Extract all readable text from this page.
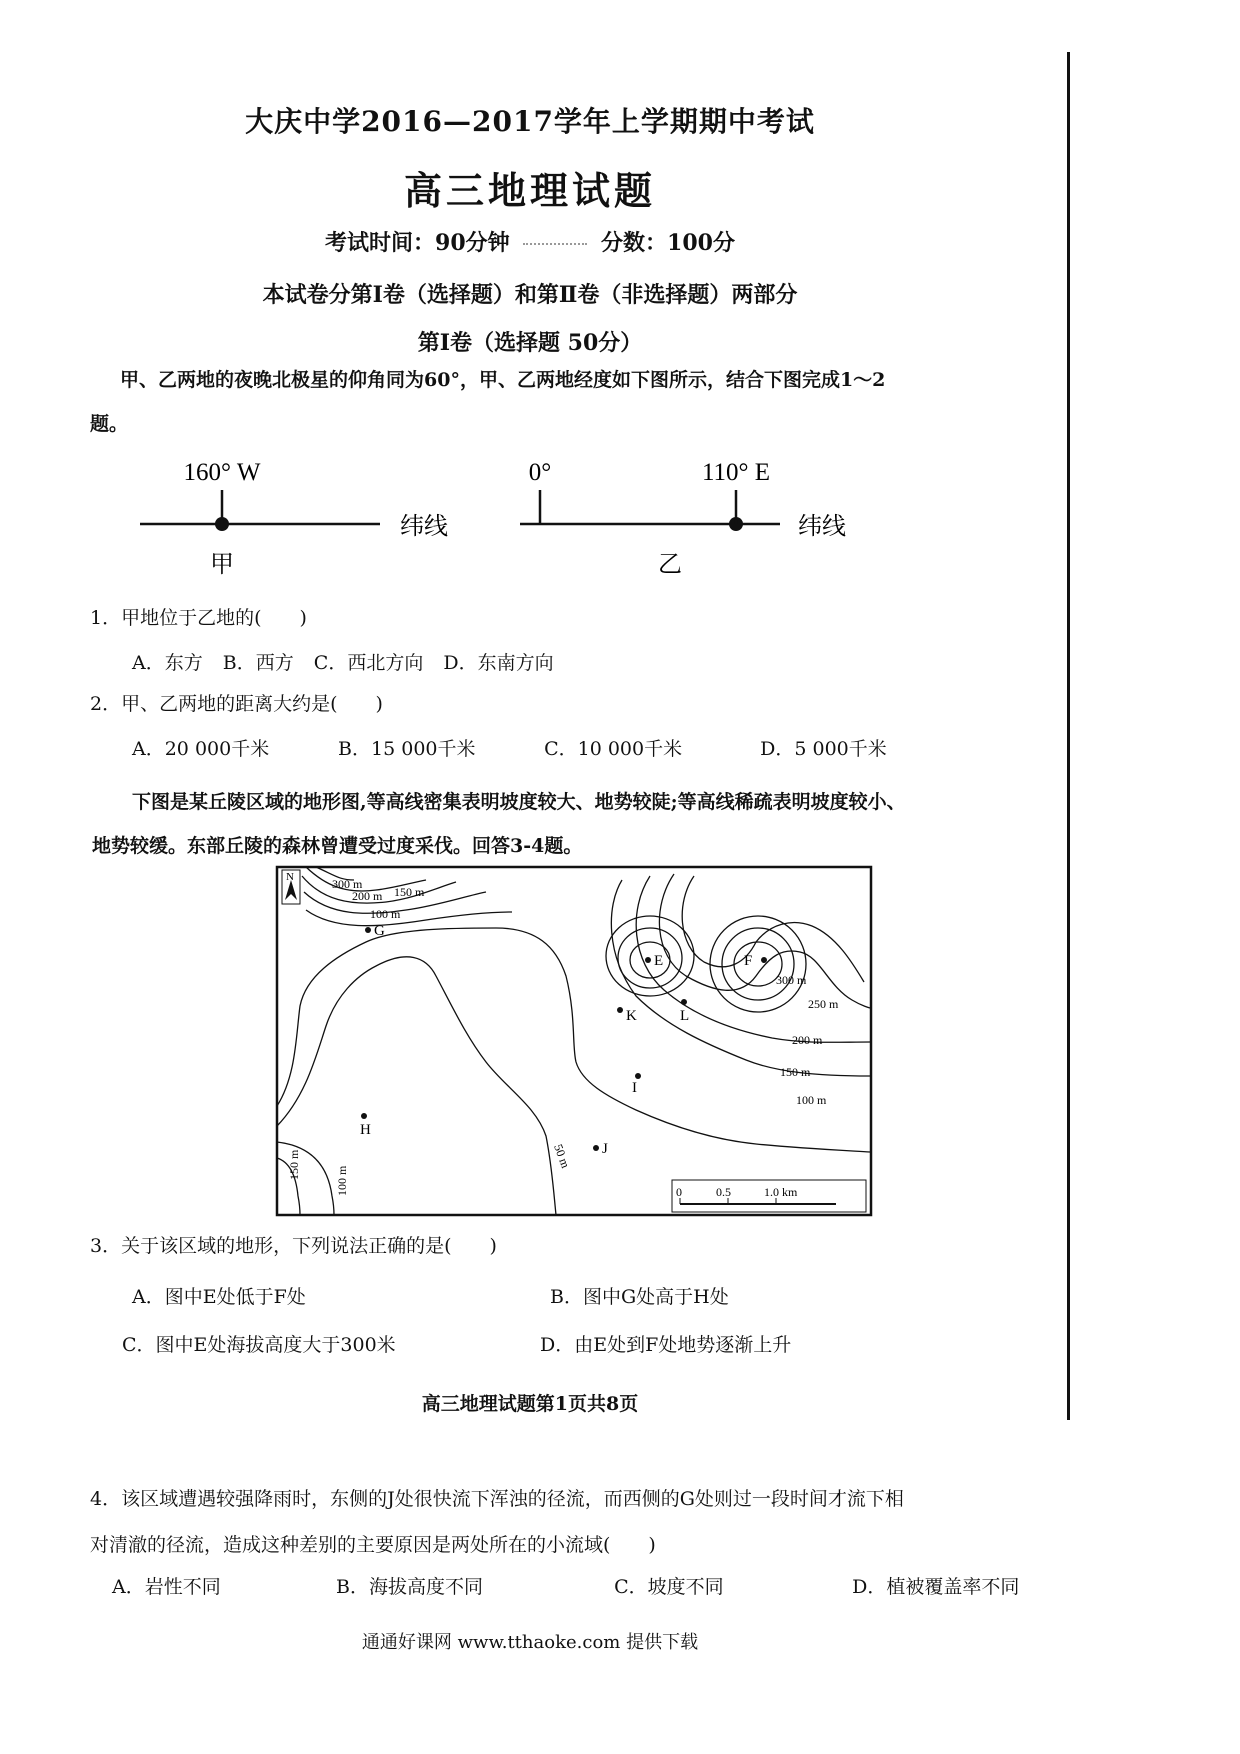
大庆中学2016—2017学年上学期期中考试
高三地理试题
考试时间：90分钟	分数：100分
本试卷分第Ⅰ卷（选择题）和第Ⅱ卷（非选择题）两部分
第Ⅰ卷（选择题 50分）
甲、乙两地的夜晚北极星的仰角同为60°，甲、乙两地经度如下图所示，结合下图完成1～2
题。
160° W
纬线
甲
0°	110° E
纬线
乙
1．甲地位于乙地的(　　)
A．东方 B．西方 C．西北方向 D．东南方向
2．甲、乙两地的距离大约是(　　)
A．20 000千米	B．15 000千米	C．10 000千米	D．5 000千米
下图是某丘陵区域的地形图,等高线密集表明坡度较大、地势较陡;等高线稀疏表明坡度较小、
地势较缓。东部丘陵的森林曾遭受过度采伐。回答3-4题。
N	300 m
200 m 150 m
100 m
300 m
250 m
200 m
150 m
100 m
50 m
150 m
100 m
G
E	F
K	L
I
H
J
0	0.5	1.0 km
3．关于该区域的地形，下列说法正确的是(　　)
A．图中E处低于F处	B．图中G处高于H处
C．图中E处海拔高度大于300米	D．由E处到F处地势逐渐上升
高三地理试题第1页共8页
4．该区域遭遇较强降雨时，东侧的J处很快流下浑浊的径流，而西侧的G处则过一段时间才流下相
对清澈的径流，造成这种差别的主要原因是两处所在的小流域(　　)
A．岩性不同	B．海拔高度不同	C．坡度不同	D．植被覆盖率不同
通通好课网 www.tthaoke.com 提供下载
